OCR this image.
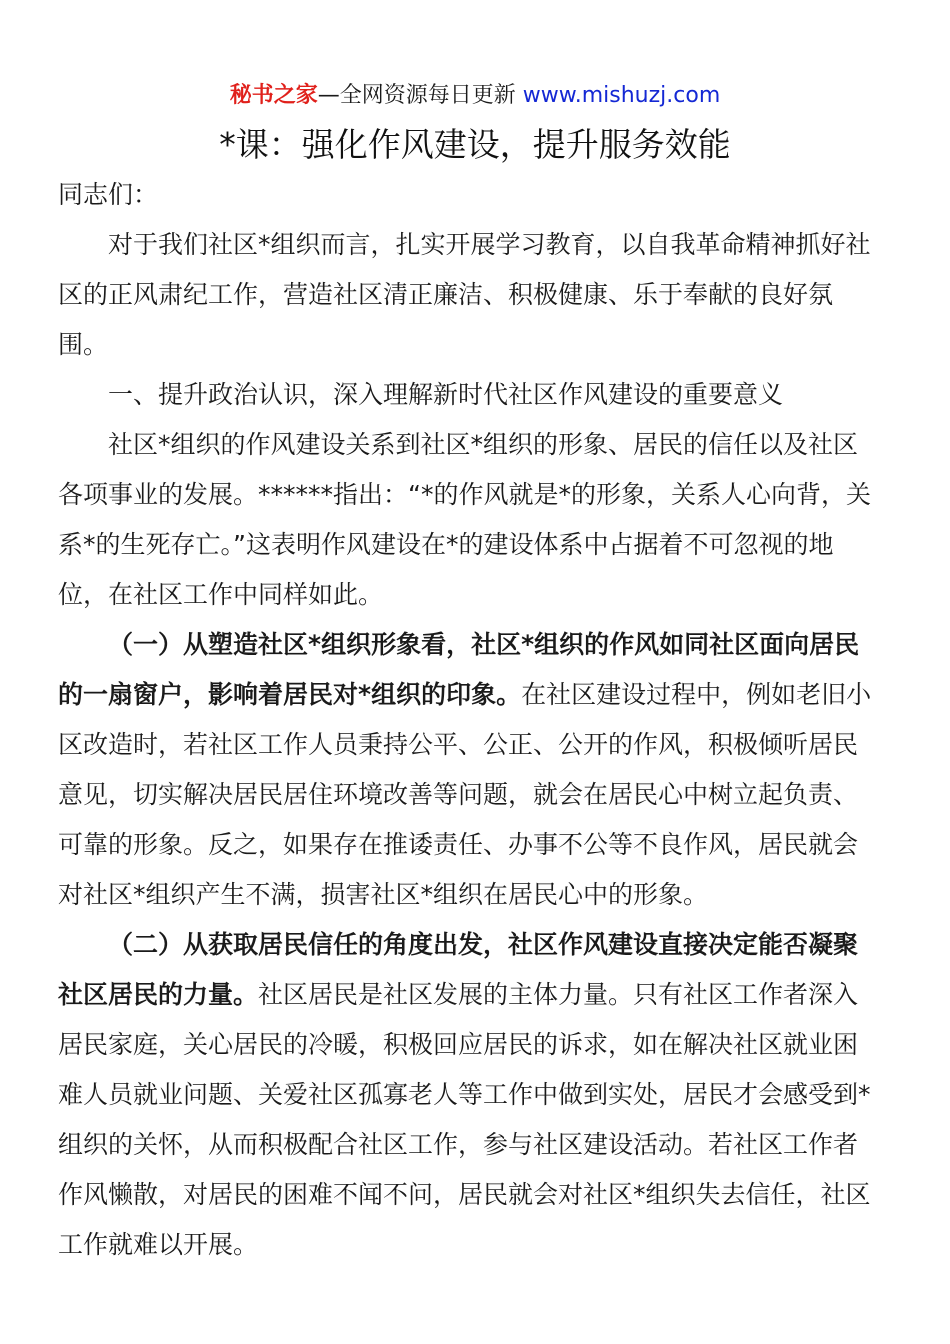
秘书之家—全网资源每日更新 www.mishuzj.com
*课：强化作风建设，提升服务效能

同志们：

对于我们社区*组织而言，扎实开展学习教育，以自我革命精神抓好社区的正风肃纪工作，营造社区清正廉洁、积极健康、乐于奉献的良好氛围。

一、提升政治认识，深入理解新时代社区作风建设的重要意义

社区*组织的作风建设关系到社区*组织的形象、居民的信任以及社区各项事业的发展。******指出：“*的作风就是*的形象，关系人心向背，关系*的生死存亡。”这表明作风建设在*的建设体系中占据着不可忽视的地位，在社区工作中同样如此。

（一）从塑造社区*组织形象看，社区*组织的作风如同社区面向居民的一扇窗户，影响着居民对*组织的印象。在社区建设过程中，例如老旧小区改造时，若社区工作人员秉持公平、公正、公开的作风，积极倾听居民意见，切实解决居民居住环境改善等问题，就会在居民心中树立起负责、可靠的形象。反之，如果存在推诿责任、办事不公等不良作风，居民就会对社区*组织产生不满，损害社区*组织在居民心中的形象。

（二）从获取居民信任的角度出发，社区作风建设直接决定能否凝聚社区居民的力量。社区居民是社区发展的主体力量。只有社区工作者深入居民家庭，关心居民的冷暖，积极回应居民的诉求，如在解决社区就业困难人员就业问题、关爱社区孤寡老人等工作中做到实处，居民才会感受到*组织的关怀，从而积极配合社区工作，参与社区建设活动。若社区工作者作风懒散，对居民的困难不闻不问，居民就会对社区*组织失去信任，社区工作就难以开展。
